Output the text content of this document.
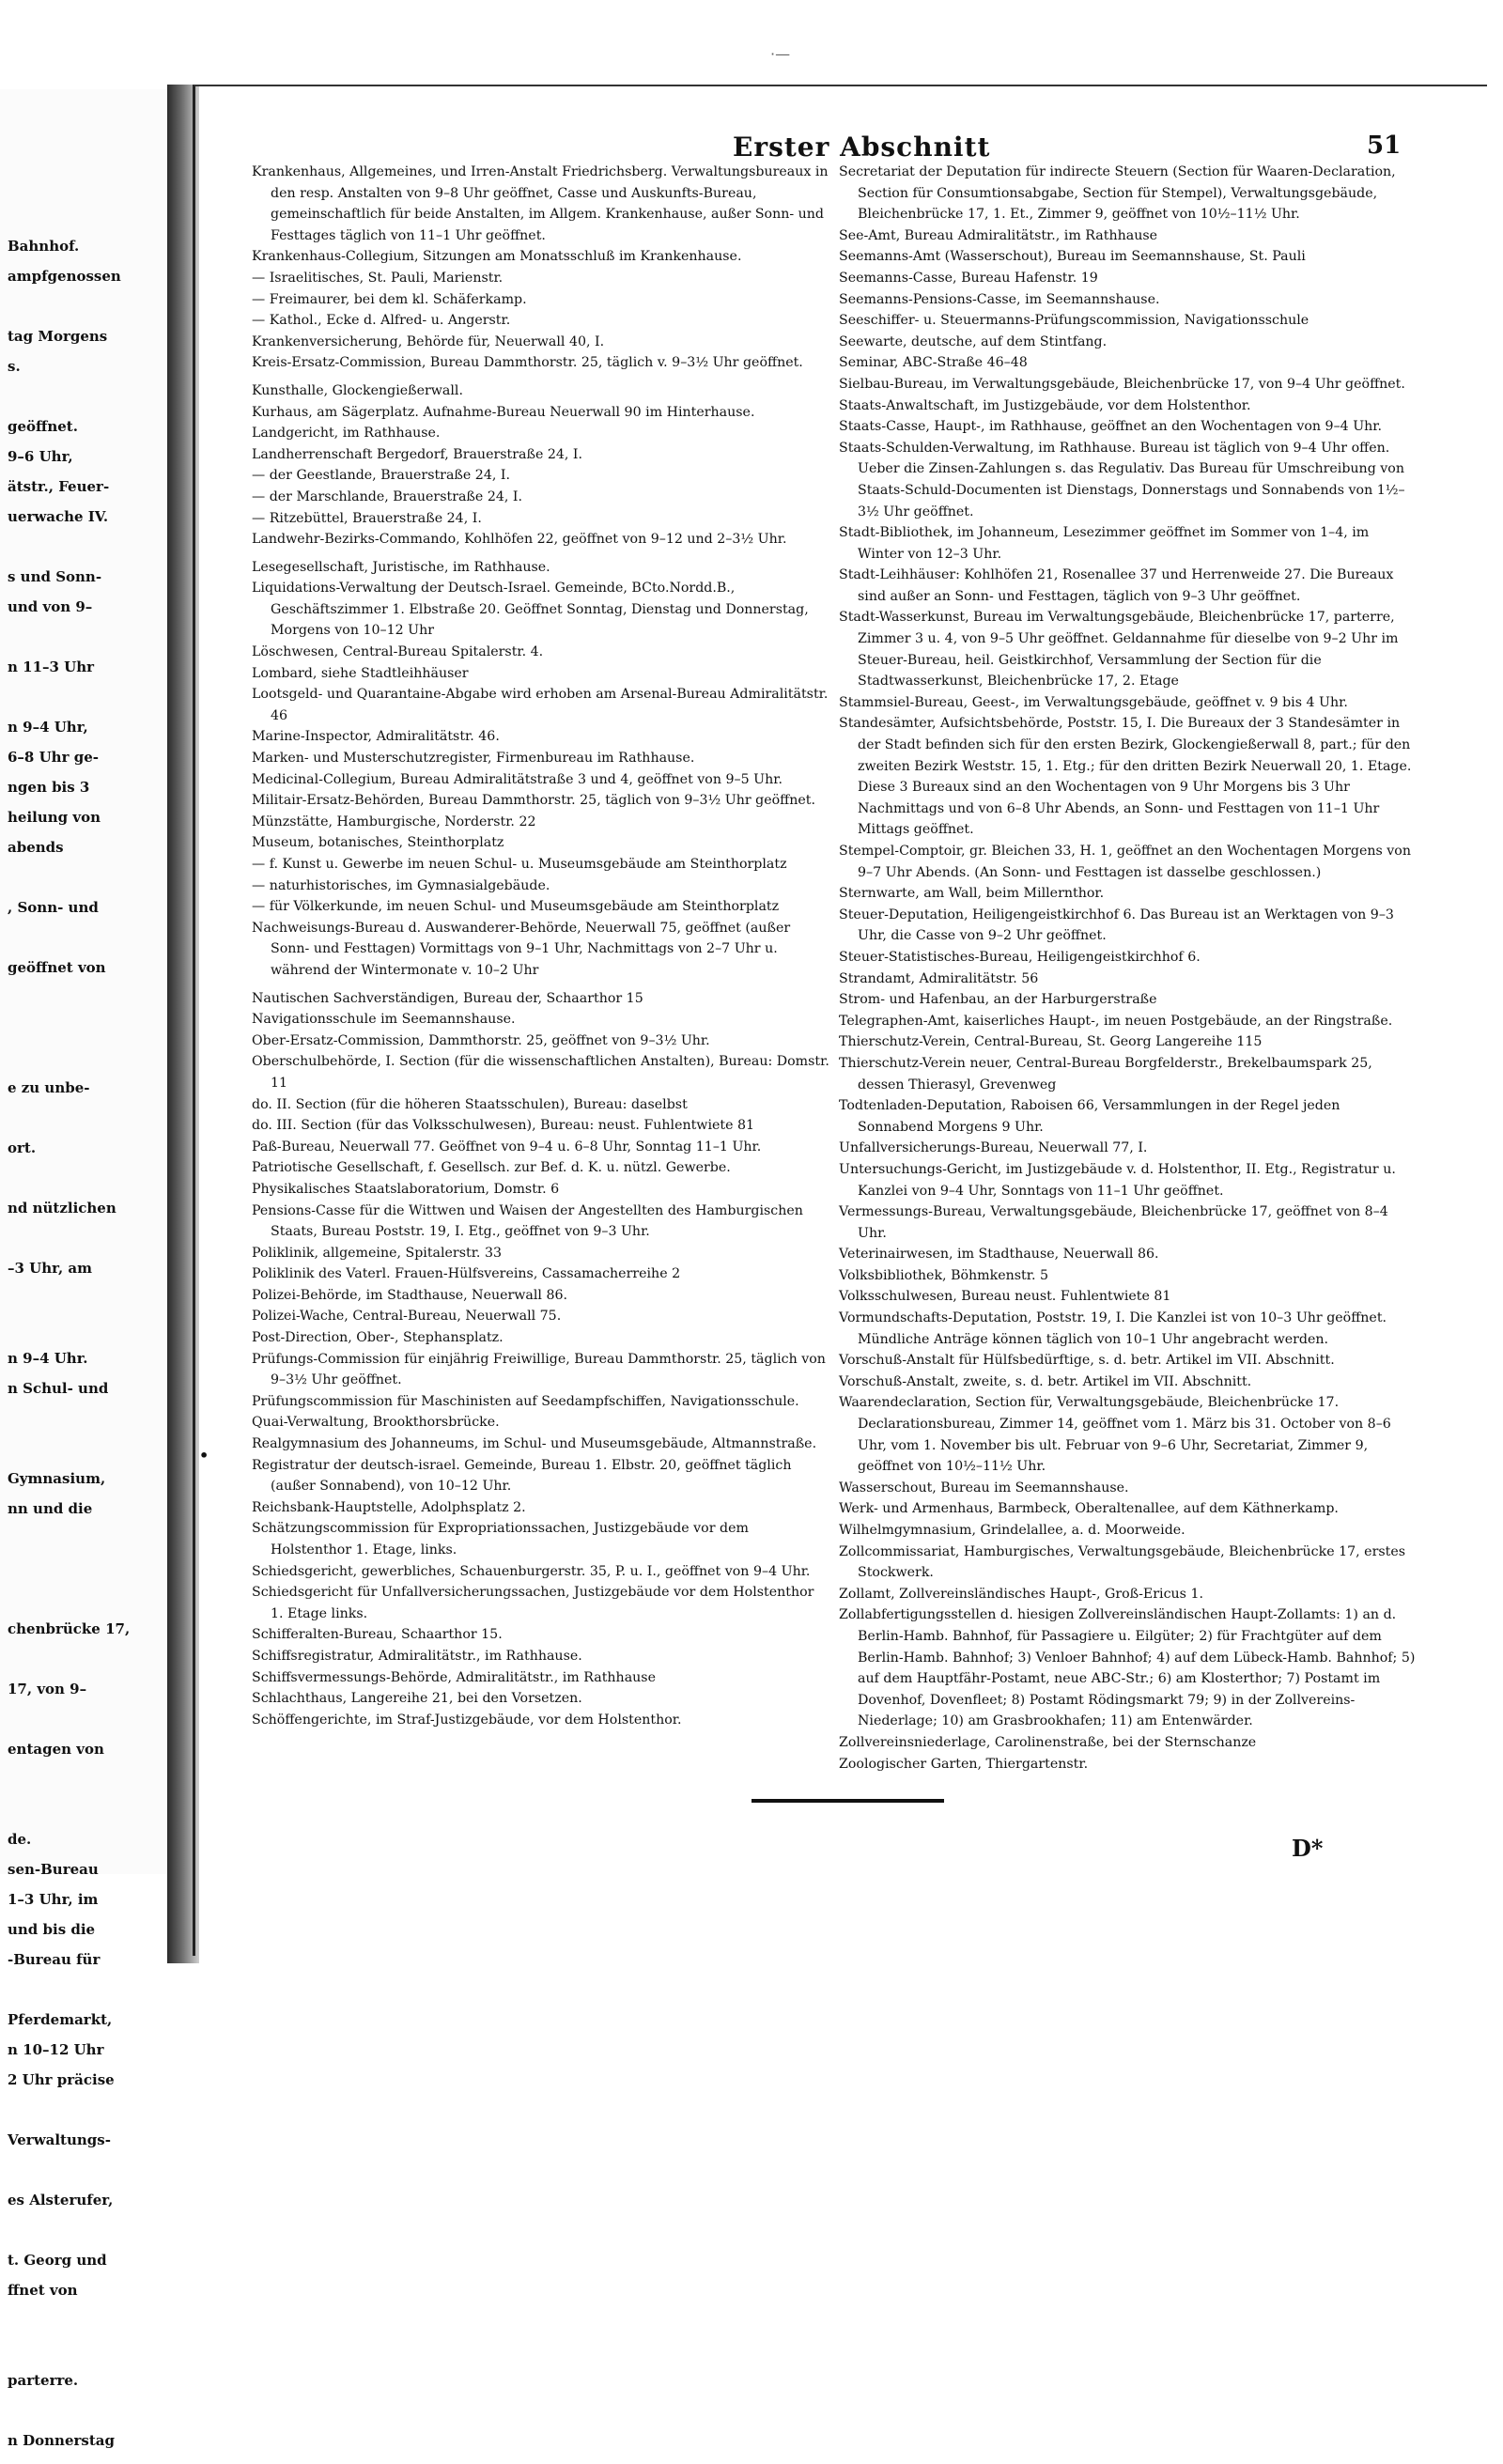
Bahnhof.
ampfgenossen
tag Morgens
s.
geöffnet.
9–6 Uhr,
ätstr., Feuer-
uerwache IV.
s und Sonn-
und von 9–
n 11–3 Uhr
n 9–4 Uhr,
6–8 Uhr ge-
ngen bis 3
heilung von
abends
, Sonn- und
geöffnet von
e zu unbe-
ort.
nd nützlichen
–3 Uhr, am
n 9–4 Uhr.
n Schul- und
Gymnasium,
nn und die
chenbrücke 17,
17, von 9–
entagen von
de.
sen-Bureau
1–3 Uhr, im
und bis die
-Bureau für
Pferdemarkt,
n 10–12 Uhr
2 Uhr präcise
Verwaltungs-
es Alsterufer,
t. Georg und
ffnet von
parterre.
n Donnerstag
·—
Erster Abschnitt	51

Krankenhaus, Allgemeines, und Irren-Anstalt Friedrichsberg. Verwaltungsbureaux in den resp. Anstalten von 9–8 Uhr geöffnet, Casse und Auskunfts-Bureau, gemeinschaftlich für beide Anstalten, im Allgem. Krankenhause, außer Sonn- und Festtages täglich von 11–1 Uhr geöffnet.

Krankenhaus-Collegium, Sitzungen am Monatsschluß im Krankenhause.

— Israelitisches, St. Pauli, Marienstr.

— Freimaurer, bei dem kl. Schäferkamp.

— Kathol., Ecke d. Alfred- u. Angerstr.

Krankenversicherung, Behörde für, Neuerwall 40, I.

Kreis-Ersatz-Commission, Bureau Dammthorstr. 25, täglich v. 9–3½ Uhr geöffnet.

Kunsthalle, Glockengießerwall.

Kurhaus, am Sägerplatz. Aufnahme-Bureau Neuerwall 90 im Hinterhause.

Landgericht, im Rathhause.

Landherrenschaft Bergedorf, Brauerstraße 24, I.

— der Geestlande, Brauerstraße 24, I.

— der Marschlande, Brauerstraße 24, I.

— Ritzebüttel, Brauerstraße 24, I.

Landwehr-Bezirks-Commando, Kohlhöfen 22, geöffnet von 9–12 und 2–3½ Uhr.

Lesegesellschaft, Juristische, im Rathhause.

Liquidations-Verwaltung der Deutsch-Israel. Gemeinde, BCto.Nordd.B., Geschäftszimmer 1. Elbstraße 20. Geöffnet Sonntag, Dienstag und Donnerstag, Morgens von 10–12 Uhr

Löschwesen, Central-Bureau Spitalerstr. 4.

Lombard, siehe Stadtleihhäuser

Lootsgeld- und Quarantaine-Abgabe wird erhoben am Arsenal-Bureau Admiralitätstr. 46

Marine-Inspector, Admiralitätstr. 46.

Marken- und Musterschutzregister, Firmenbureau im Rathhause.

Medicinal-Collegium, Bureau Admiralitätstraße 3 und 4, geöffnet von 9–5 Uhr.

Militair-Ersatz-Behörden, Bureau Dammthorstr. 25, täglich von 9–3½ Uhr geöffnet.

Münzstätte, Hamburgische, Norderstr. 22

Museum, botanisches, Steinthorplatz

— f. Kunst u. Gewerbe im neuen Schul- u. Museumsgebäude am Steinthorplatz

— naturhistorisches, im Gymnasialgebäude.

— für Völkerkunde, im neuen Schul- und Museumsgebäude am Steinthorplatz

Nachweisungs-Bureau d. Auswanderer-Behörde, Neuerwall 75, geöffnet (außer Sonn- und Festtagen) Vormittags von 9–1 Uhr, Nachmittags von 2–7 Uhr u. während der Wintermonate v. 10–2 Uhr

Nautischen Sachverständigen, Bureau der, Schaarthor 15

Navigationsschule im Seemannshause.

Ober-Ersatz-Commission, Dammthorstr. 25, geöffnet von 9–3½ Uhr.

Oberschulbehörde, I. Section (für die wissenschaftlichen Anstalten), Bureau: Domstr. 11

do. II. Section (für die höheren Staatsschulen), Bureau: daselbst

do. III. Section (für das Volksschulwesen), Bureau: neust. Fuhlentwiete 81

Paß-Bureau, Neuerwall 77. Geöffnet von 9–4 u. 6–8 Uhr, Sonntag 11–1 Uhr.

Patriotische Gesellschaft, f. Gesellsch. zur Bef. d. K. u. nützl. Gewerbe.

Physikalisches Staatslaboratorium, Domstr. 6

Pensions-Casse für die Wittwen und Waisen der Angestellten des Hamburgischen Staats, Bureau Poststr. 19, I. Etg., geöffnet von 9–3 Uhr.

Poliklinik, allgemeine, Spitalerstr. 33

Poliklinik des Vaterl. Frauen-Hülfsvereins, Cassamacherreihe 2

Polizei-Behörde, im Stadthause, Neuerwall 86.

Polizei-Wache, Central-Bureau, Neuerwall 75.

Post-Direction, Ober-, Stephansplatz.

Prüfungs-Commission für einjährig Freiwillige, Bureau Dammthorstr. 25, täglich von 9–3½ Uhr geöffnet.

Prüfungscommission für Maschinisten auf Seedampfschiffen, Navigationsschule.

Quai-Verwaltung, Brookthorsbrücke.

Realgymnasium des Johanneums, im Schul- und Museumsgebäude, Altmannstraße.

Registratur der deutsch-israel. Gemeinde, Bureau 1. Elbstr. 20, geöffnet täglich (außer Sonnabend), von 10–12 Uhr.

Reichsbank-Hauptstelle, Adolphsplatz 2.

Schätzungscommission für Expropriationssachen, Justizgebäude vor dem Holstenthor 1. Etage, links.

Schiedsgericht, gewerbliches, Schauenburgerstr. 35, P. u. I., geöffnet von 9–4 Uhr.

Schiedsgericht für Unfallversicherungssachen, Justizgebäude vor dem Holstenthor 1. Etage links.

Schifferalten-Bureau, Schaarthor 15.

Schiffsregistratur, Admiralitätstr., im Rathhause.

Schiffsvermessungs-Behörde, Admiralitätstr., im Rathhause

Schlachthaus, Langereihe 21, bei den Vorsetzen.

Schöffengerichte, im Straf-Justizgebäude, vor dem Holstenthor.

Secretariat der Deputation für indirecte Steuern (Section für Waaren-Declaration, Section für Consumtionsabgabe, Section für Stempel), Verwaltungsgebäude, Bleichenbrücke 17, 1. Et., Zimmer 9, geöffnet von 10½–11½ Uhr.

See-Amt, Bureau Admiralitätstr., im Rathhause

Seemanns-Amt (Wasserschout), Bureau im Seemannshause, St. Pauli

Seemanns-Casse, Bureau Hafenstr. 19

Seemanns-Pensions-Casse, im Seemannshause.

Seeschiffer- u. Steuermanns-Prüfungscommission, Navigationsschule

Seewarte, deutsche, auf dem Stintfang.

Seminar, ABC-Straße 46–48

Sielbau-Bureau, im Verwaltungsgebäude, Bleichenbrücke 17, von 9–4 Uhr geöffnet.

Staats-Anwaltschaft, im Justizgebäude, vor dem Holstenthor.

Staats-Casse, Haupt-, im Rathhause, geöffnet an den Wochentagen von 9–4 Uhr.

Staats-Schulden-Verwaltung, im Rathhause. Bureau ist täglich von 9–4 Uhr offen. Ueber die Zinsen-Zahlungen s. das Regulativ. Das Bureau für Umschreibung von Staats-Schuld-Documenten ist Dienstags, Donnerstags und Sonnabends von 1½–3½ Uhr geöffnet.

Stadt-Bibliothek, im Johanneum, Lesezimmer geöffnet im Sommer von 1–4, im Winter von 12–3 Uhr.

Stadt-Leihhäuser: Kohlhöfen 21, Rosenallee 37 und Herrenweide 27. Die Bureaux sind außer an Sonn- und Festtagen, täglich von 9–3 Uhr geöffnet.

Stadt-Wasserkunst, Bureau im Verwaltungsgebäude, Bleichenbrücke 17, parterre, Zimmer 3 u. 4, von 9–5 Uhr geöffnet. Geldannahme für dieselbe von 9–2 Uhr im Steuer-Bureau, heil. Geistkirchhof, Versammlung der Section für die Stadtwasserkunst, Bleichenbrücke 17, 2. Etage

Stammsiel-Bureau, Geest-, im Verwaltungsgebäude, geöffnet v. 9 bis 4 Uhr.

Standesämter, Aufsichtsbehörde, Poststr. 15, I. Die Bureaux der 3 Standesämter in der Stadt befinden sich für den ersten Bezirk, Glockengießerwall 8, part.; für den zweiten Bezirk Weststr. 15, 1. Etg.; für den dritten Bezirk Neuerwall 20, 1. Etage. Diese 3 Bureaux sind an den Wochentagen von 9 Uhr Morgens bis 3 Uhr Nachmittags und von 6–8 Uhr Abends, an Sonn- und Festtagen von 11–1 Uhr Mittags geöffnet.

Stempel-Comptoir, gr. Bleichen 33, H. 1, geöffnet an den Wochentagen Morgens von 9–7 Uhr Abends. (An Sonn- und Festtagen ist dasselbe geschlossen.)

Sternwarte, am Wall, beim Millernthor.

Steuer-Deputation, Heiligengeistkirchhof 6. Das Bureau ist an Werktagen von 9–3 Uhr, die Casse von 9–2 Uhr geöffnet.

Steuer-Statistisches-Bureau, Heiligengeistkirchhof 6.

Strandamt, Admiralitätstr. 56

Strom- und Hafenbau, an der Harburgerstraße

Telegraphen-Amt, kaiserliches Haupt-, im neuen Postgebäude, an der Ringstraße.

Thierschutz-Verein, Central-Bureau, St. Georg Langereihe 115

Thierschutz-Verein neuer, Central-Bureau Borgfelderstr., Brekelbaumspark 25, dessen Thierasyl, Grevenweg

Todtenladen-Deputation, Raboisen 66, Versammlungen in der Regel jeden Sonnabend Morgens 9 Uhr.

Unfallversicherungs-Bureau, Neuerwall 77, I.

Untersuchungs-Gericht, im Justizgebäude v. d. Holstenthor, II. Etg., Registratur u. Kanzlei von 9–4 Uhr, Sonntags von 11–1 Uhr geöffnet.

Vermessungs-Bureau, Verwaltungsgebäude, Bleichenbrücke 17, geöffnet von 8–4 Uhr.

Veterinairwesen, im Stadthause, Neuerwall 86.

Volksbibliothek, Böhmkenstr. 5

Volksschulwesen, Bureau neust. Fuhlentwiete 81

Vormundschafts-Deputation, Poststr. 19, I. Die Kanzlei ist von 10–3 Uhr geöffnet. Mündliche Anträge können täglich von 10–1 Uhr angebracht werden.

Vorschuß-Anstalt für Hülfsbedürftige, s. d. betr. Artikel im VII. Abschnitt.

Vorschuß-Anstalt, zweite, s. d. betr. Artikel im VII. Abschnitt.

Waarendeclaration, Section für, Verwaltungsgebäude, Bleichenbrücke 17. Declarationsbureau, Zimmer 14, geöffnet vom 1. März bis 31. October von 8–6 Uhr, vom 1. November bis ult. Februar von 9–6 Uhr, Secretariat, Zimmer 9, geöffnet von 10½–11½ Uhr.

Wasserschout, Bureau im Seemannshause.

Werk- und Armenhaus, Barmbeck, Oberaltenallee, auf dem Käthnerkamp.

Wilhelmgymnasium, Grindelallee, a. d. Moorweide.

Zollcommissariat, Hamburgisches, Verwaltungsgebäude, Bleichenbrücke 17, erstes Stockwerk.

Zollamt, Zollvereinsländisches Haupt-, Groß-Ericus 1.

Zollabfertigungsstellen d. hiesigen Zollvereinsländischen Haupt-Zollamts: 1) an d. Berlin-Hamb. Bahnhof, für Passagiere u. Eilgüter; 2) für Frachtgüter auf dem Berlin-Hamb. Bahnhof; 3) Venloer Bahnhof; 4) auf dem Lübeck-Hamb. Bahnhof; 5) auf dem Hauptfähr-Postamt, neue ABC-Str.; 6) am Klosterthor; 7) Postamt im Dovenhof, Dovenfleet; 8) Postamt Rödingsmarkt 79; 9) in der Zollvereins-Niederlage; 10) am Grasbrookhafen; 11) am Entenwärder.

Zollvereinsniederlage, Carolinenstraße, bei der Sternschanze

Zoologischer Garten, Thiergartenstr.

•
D*
